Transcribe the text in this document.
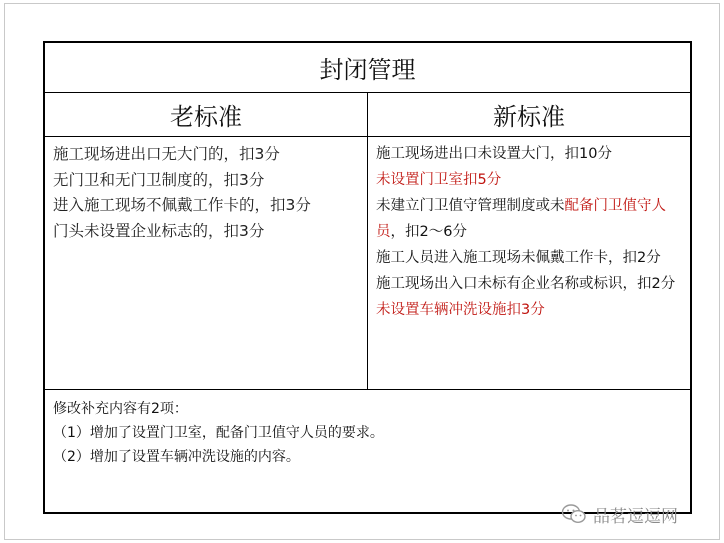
封闭管理
老标准	新标准

施工现场进出口无大门的，扣3分

无门卫和无门卫制度的，扣3分

进入施工现场不佩戴工作卡的，扣3分

门头未设置企业标志的，扣3分

施工现场进出口未设置大门，扣10分

未设置门卫室扣5分

未建立门卫值守管理制度或未配备门卫值守人员，扣2～6分

施工人员进入施工现场未佩戴工作卡，扣2分

施工现场出入口未标有企业名称或标识，扣2分

未设置车辆冲洗设施扣3分

修改补充内容有2项：

（1）增加了设置门卫室，配备门卫值守人员的要求。

（2）增加了设置车辆冲洗设施的内容。

品茗逗逗网
